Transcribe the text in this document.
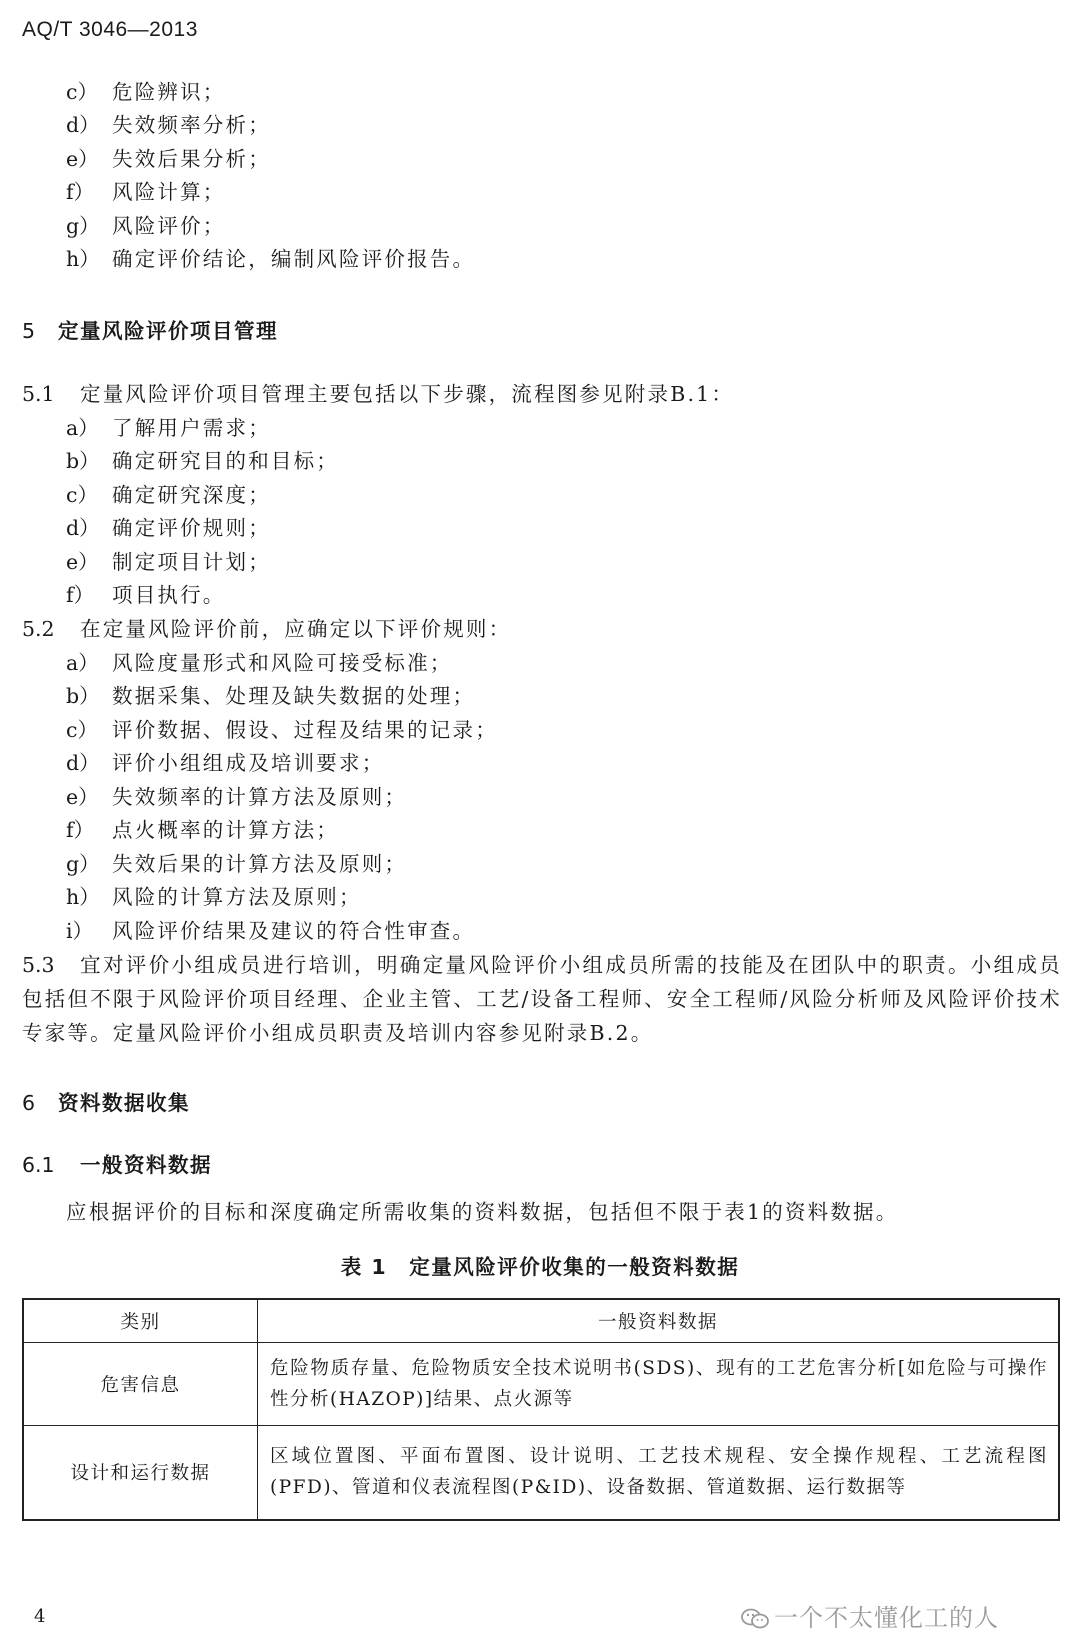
AQ/T 3046—2013
c） 危险辨识；
d） 失效频率分析；
e） 失效后果分析；
f） 风险计算；
g） 风险评价；
h） 确定评价结论，编制风险评价报告。
5 定量风险评价项目管理
5.1 定量风险评价项目管理主要包括以下步骤，流程图参见附录B.1：
a） 了解用户需求；
b） 确定研究目的和目标；
c） 确定研究深度；
d） 确定评价规则；
e） 制定项目计划；
f） 项目执行。
5.2 在定量风险评价前，应确定以下评价规则：
a） 风险度量形式和风险可接受标准；
b） 数据采集、处理及缺失数据的处理；
c） 评价数据、假设、过程及结果的记录；
d） 评价小组组成及培训要求；
e） 失效频率的计算方法及原则；
f） 点火概率的计算方法；
g） 失效后果的计算方法及原则；
h） 风险的计算方法及原则；
i） 风险评价结果及建议的符合性审查。
5.3 宜对评价小组成员进行培训，明确定量风险评价小组成员所需的技能及在团队中的职责。小组成员包括但不限于风险评价项目经理、企业主管、工艺/设备工程师、安全工程师/风险分析师及风险评价技术专家等。定量风险评价小组成员职责及培训内容参见附录B.2。
6 资料数据收集
6.1 一般资料数据
应根据评价的目标和深度确定所需收集的资料数据，包括但不限于表1的资料数据。
表 1　定量风险评价收集的一般资料数据
类别	一般资料数据
危害信息	危险物质存量、危险物质安全技术说明书(SDS)、现有的工艺危害分析[如危险与可操作性分析(HAZOP)]结果、点火源等
设计和运行数据	区域位置图、平面布置图、设计说明、工艺技术规程、安全操作规程、工艺流程图(PFD)、管道和仪表流程图(P&ID)、设备数据、管道数据、运行数据等
4	一个不太懂化工的人
